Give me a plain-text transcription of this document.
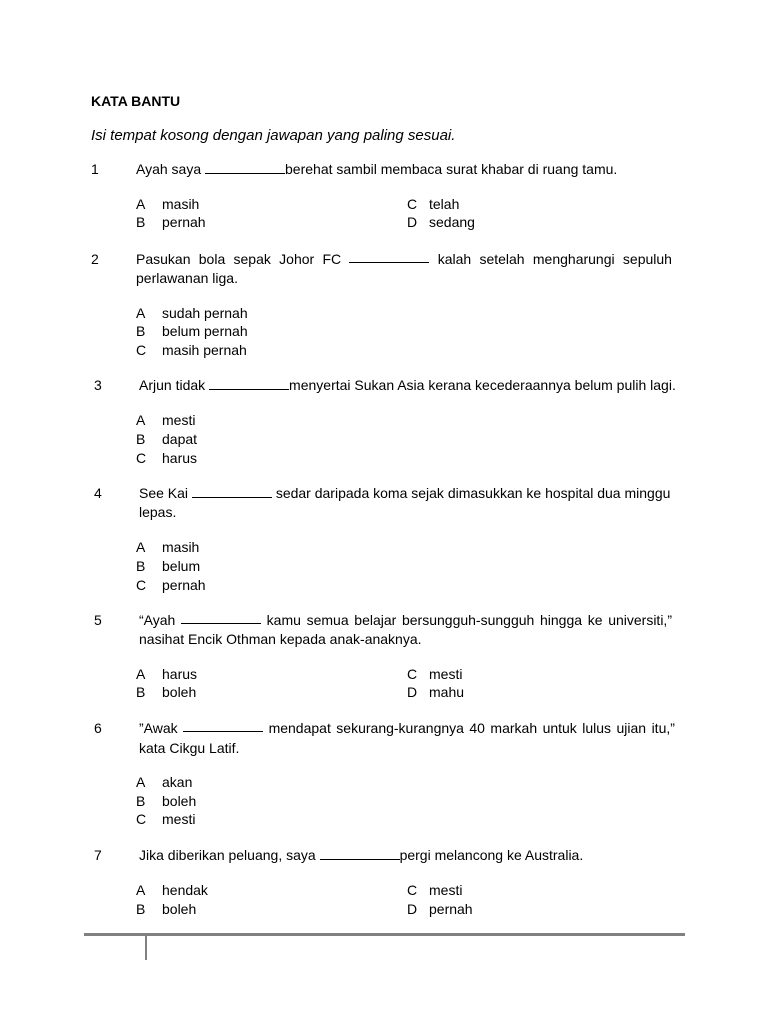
KATA BANTU
Isi tempat kosong dengan jawapan yang paling sesuai.
1	Ayah saya	berehat sambil membaca surat khabar di ruang tamu.
A masih
B pernah
C telah
D sedang
2	Pasukan bola sepak Johor FC	kalah setelah mengharungi sepuluh
perlawanan liga.
A sudah pernah
B belum pernah
C masih pernah
3	Arjun tidak	menyertai Sukan Asia kerana kecederaannya belum pulih lagi.
A mesti
B dapat
C harus
4	See Kai	sedar daripada koma sejak dimasukkan ke hospital dua minggu
lepas.
A masih
B belum
C pernah
5	“Ayah	kamu semua belajar bersungguh-sungguh hingga ke universiti,”
nasihat Encik Othman kepada anak-anaknya.
A harus
B boleh
C mesti
D mahu
6	”Awak	mendapat sekurang-kurangnya 40 markah untuk lulus ujian itu,”
kata Cikgu Latif.
A akan
B boleh
C mesti
7	Jika diberikan peluang, saya	pergi melancong ke Australia.
A hendak
B boleh
C mesti
D pernah
